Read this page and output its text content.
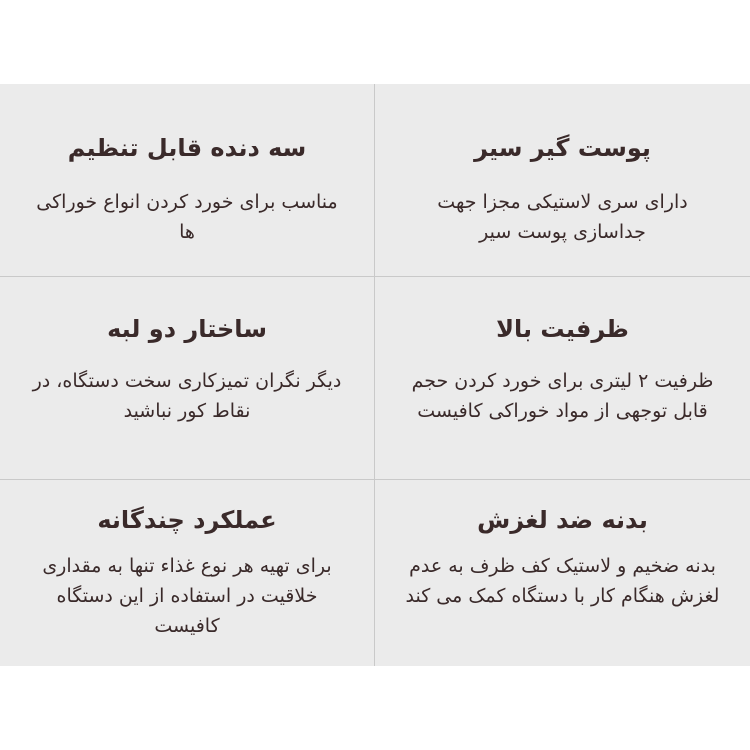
پوست گیر سیر

دارای سری لاستیکی مجزا جهت جداسازی پوست سیر

سه دنده قابل تنظیم

مناسب برای خورد کردن انواع خوراکی ها

ظرفیت بالا

ظرفیت ۲ لیتری برای خورد کردن حجم قابل توجهی از مواد خوراکی کافیست

ساختار دو لبه

دیگر نگران تمیزکاری سخت دستگاه، در نقاط کور نباشید

بدنه ضد لغزش

بدنه ضخیم و لاستیک کف ظرف به عدم لغزش هنگام کار با دستگاه کمک می کند

عملکرد چندگانه

برای تهیه هر نوع غذاء تنها به مقداری خلاقیت در استفاده از این دستگاه کافیست
